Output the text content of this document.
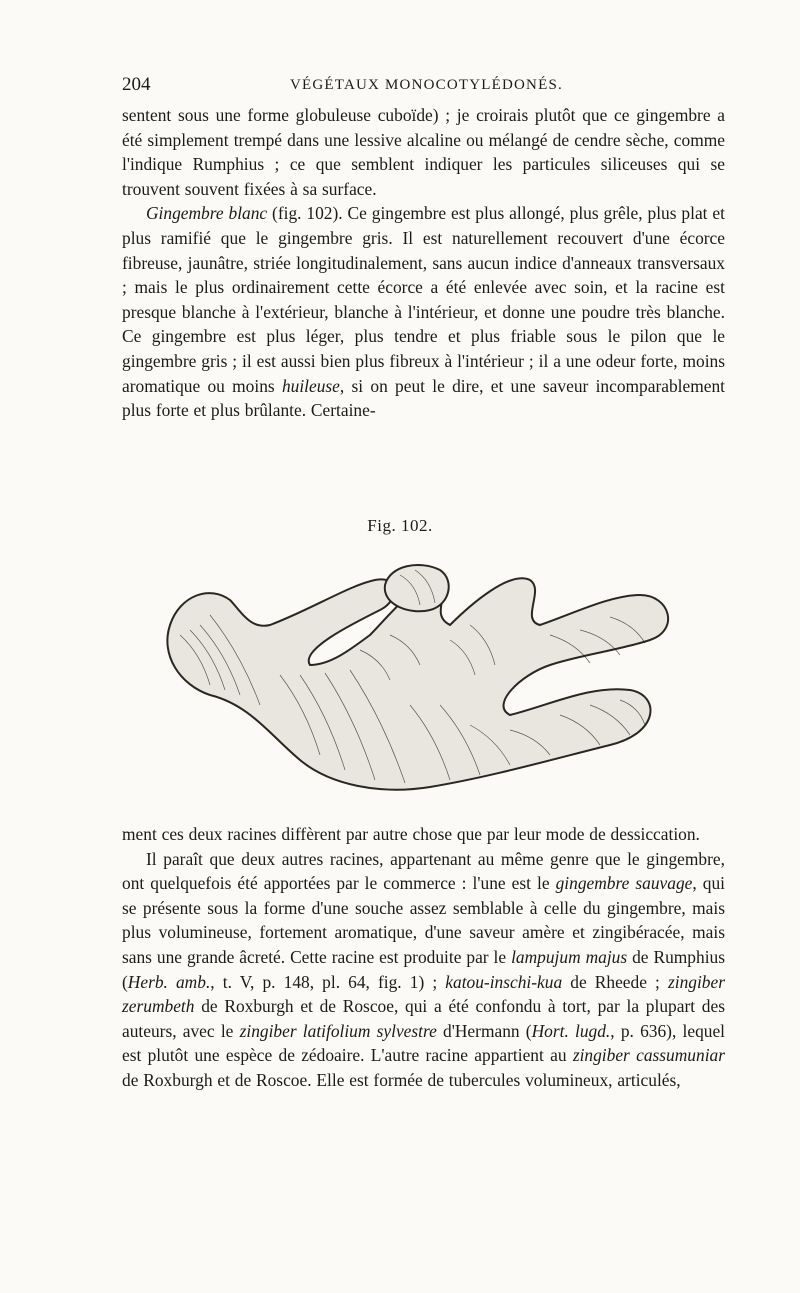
204	VÉGÉTAUX MONOCOTYLÉDONÉS.

sentent sous une forme globuleuse cuboïde) ; je croirais plutôt que ce gingembre a été simplement trempé dans une lessive alcaline ou mélangé de cendre sèche, comme l'indique Rumphius ; ce que semblent indiquer les particules siliceuses qui se trouvent souvent fixées à sa surface.

Gingembre blanc (fig. 102). Ce gingembre est plus allongé, plus grêle, plus plat et plus ramifié que le gingembre gris. Il est naturellement recouvert d'une écorce fibreuse, jaunâtre, striée longitudinalement, sans aucun indice d'anneaux transversaux ; mais le plus ordinairement cette écorce a été enlevée avec soin, et la racine est presque blanche à l'extérieur, blanche à l'intérieur, et donne une poudre très blanche. Ce gingembre est plus léger, plus tendre et plus friable sous le pilon que le gingembre gris ; il est aussi bien plus fibreux à l'intérieur ; il a une odeur forte, moins aromatique ou moins huileuse, si on peut le dire, et une saveur incomparablement plus forte et plus brûlante. Certaine-

Fig. 102.

ment ces deux racines diffèrent par autre chose que par leur mode de dessiccation.

Il paraît que deux autres racines, appartenant au même genre que le gingembre, ont quelquefois été apportées par le commerce : l'une est le gingembre sauvage, qui se présente sous la forme d'une souche assez semblable à celle du gingembre, mais plus volumineuse, fortement aromatique, d'une saveur amère et zingibéracée, mais sans une grande âcreté. Cette racine est produite par le lampujum majus de Rumphius (Herb. amb., t. V, p. 148, pl. 64, fig. 1) ; katou-inschi-kua de Rheede ; zingiber zerumbeth de Roxburgh et de Roscoe, qui a été confondu à tort, par la plupart des auteurs, avec le zingiber latifolium sylvestre d'Hermann (Hort. lugd., p. 636), lequel est plutôt une espèce de zédoaire. L'autre racine appartient au zingiber cassumuniar de Roxburgh et de Roscoe. Elle est formée de tubercules volumineux, articulés,
